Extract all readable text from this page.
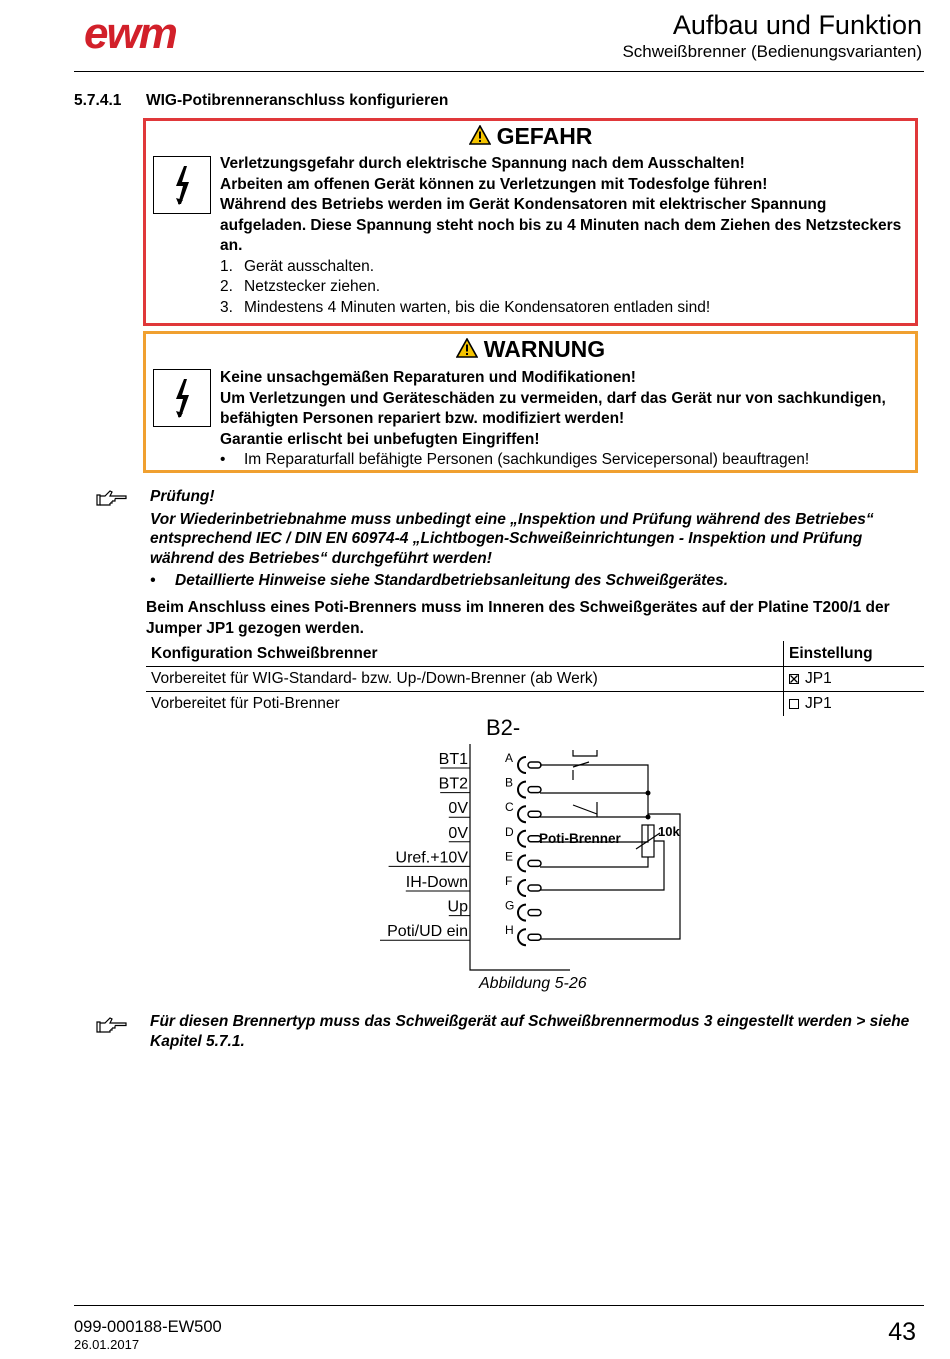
ewm	Aufbau und Funktion
Schweißbrenner (Bedienungsvarianten)
5.7.4.1 WIG-Potibrenneranschluss konfigurieren
GEFAHR

Verletzungsgefahr durch elektrische Spannung nach dem Ausschalten!

Arbeiten am offenen Gerät können zu Verletzungen mit Todesfolge führen!

Während des Betriebs werden im Gerät Kondensatoren mit elektrischer Spannung aufgeladen. Diese Spannung steht noch bis zu 4 Minuten nach dem Ziehen des Netzsteckers an.

1. Gerät ausschalten.
2. Netzstecker ziehen.
3. Mindestens 4 Minuten warten, bis die Kondensatoren entladen sind!
WARNUNG

Keine unsachgemäßen Reparaturen und Modifikationen!

Um Verletzungen und Geräteschäden zu vermeiden, darf das Gerät nur von sachkundigen, befähigten Personen repariert bzw. modifiziert werden!

Garantie erlischt bei unbefugten Eingriffen!

• Im Reparaturfall befähigte Personen (sachkundiges Servicepersonal) beauftragen!

Prüfung!

Vor Wiederinbetriebnahme muss unbedingt eine „Inspektion und Prüfung während des Betriebes“ entsprechend IEC / DIN EN 60974-4 „Lichtbogen-Schweißeinrichtungen - Inspektion und Prüfung während des Betriebes“ durchgeführt werden!

• Detaillierte Hinweise siehe Standardbetriebsanleitung des Schweißgerätes.
Beim Anschluss eines Poti-Brenners muss im Inneren des Schweißgerätes auf der Platine T200/1 der Jumper JP1 gezogen werden.
Konfiguration Schweißbrenner	Einstellung
Vorbereitet für WIG-Standard- bzw. Up-/Down-Brenner (ab Werk)	JP1
Vorbereitet für Poti-Brenner	JP1
B2-
BT1	A
BT2	B
0V	C
0V	D
Uref.+10V	E
IH-Down	F
Up	G
Poti/UD ein	H
Poti-Brenner	10k
Abbildung 5-26

Für diesen Brennertyp muss das Schweißgerät auf Schweißbrennermodus 3 eingestellt werden > siehe Kapitel 5.7.1.

099-000188-EW500
26.01.2017	43
